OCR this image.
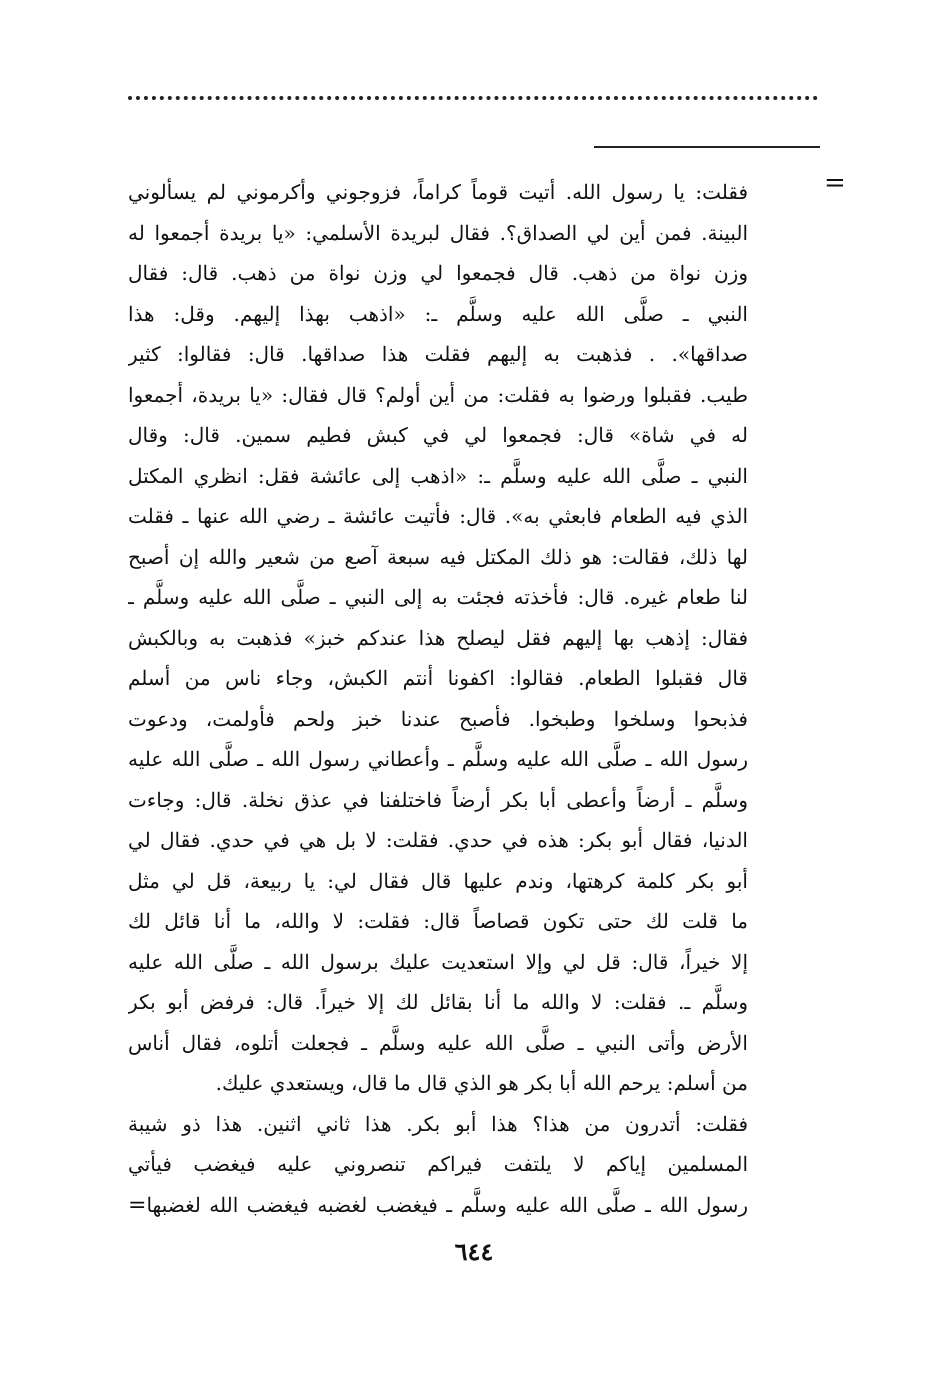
=
فقلت: يا رسول الله. أتيت قوماً كراماً، فزوجوني وأكرموني لم يسألوني
البينة. فمن أين لي الصداق؟. فقال لبريدة الأسلمي: «يا بريدة أجمعوا له
وزن نواة من ذهب. قال فجمعوا لي وزن نواة من ذهب. قال: فقال
النبي ـ صلَّى الله عليه وسلَّم ـ: «اذهب بهذا إليهم. وقل: هذا
صداقها». . فذهبت به إليهم فقلت هذا صداقها. قال: فقالوا: كثير
طيب. فقبلوا ورضوا به فقلت: من أين أولم؟ قال فقال: «يا بريدة، أجمعوا
له في شاة» قال: فجمعوا لي في كبش فطيم سمين. قال: وقال
النبي ـ صلَّى الله عليه وسلَّم ـ: «اذهب إلى عائشة فقل: انظري المكتل
الذي فيه الطعام فابعثي به». قال: فأتيت عائشة ـ رضي الله عنها ـ فقلت
لها ذلك، فقالت: هو ذلك المكتل فيه سبعة آصع من شعير والله إن أصبح
لنا طعام غيره. قال: فأخذته فجئت به إلى النبي ـ صلَّى الله عليه وسلَّم ـ
فقال: إذهب بها إليهم فقل ليصلح هذا عندكم خبز» فذهبت به وبالكبش
قال فقبلوا الطعام. فقالوا: اكفونا أنتم الكبش، وجاء ناس من أسلم
فذبحوا وسلخوا وطبخوا. فأصبح عندنا خبز ولحم فأولمت، ودعوت
رسول الله ـ صلَّى الله عليه وسلَّم ـ وأعطاني رسول الله ـ صلَّى الله عليه
وسلَّم ـ أرضاً وأعطى أبا بكر أرضاً فاختلفنا في عذق نخلة. قال: وجاءت
الدنيا، فقال أبو بكر: هذه في حدي. فقلت: لا بل هي في حدي. فقال لي
أبو بكر كلمة كرهتها، وندم عليها قال فقال لي: يا ربيعة، قل لي مثل
ما قلت لك حتى تكون قصاصاً قال: فقلت: لا والله، ما أنا قائل لك
إلا خيراً، قال: قل لي وإلا استعديت عليك برسول الله ـ صلَّى الله عليه
وسلَّم ـ. فقلت: لا والله ما أنا بقائل لك إلا خيراً. قال: فرفض أبو بكر
الأرض وأتى النبي ـ صلَّى الله عليه وسلَّم ـ فجعلت أتلوه، فقال أناس
من أسلم: يرحم الله أبا بكر هو الذي قال ما قال، ويستعدي عليك.
فقلت: أتدرون من هذا؟ هذا أبو بكر. هذا ثاني اثنين. هذا ذو شيبة
المسلمين إياكم لا يلتفت فيراكم تنصروني عليه فيغضب فيأتي
رسول الله ـ صلَّى الله عليه وسلَّم ـ فيغضب لغضبه فيغضب الله لغضبها=
٦٤٤
